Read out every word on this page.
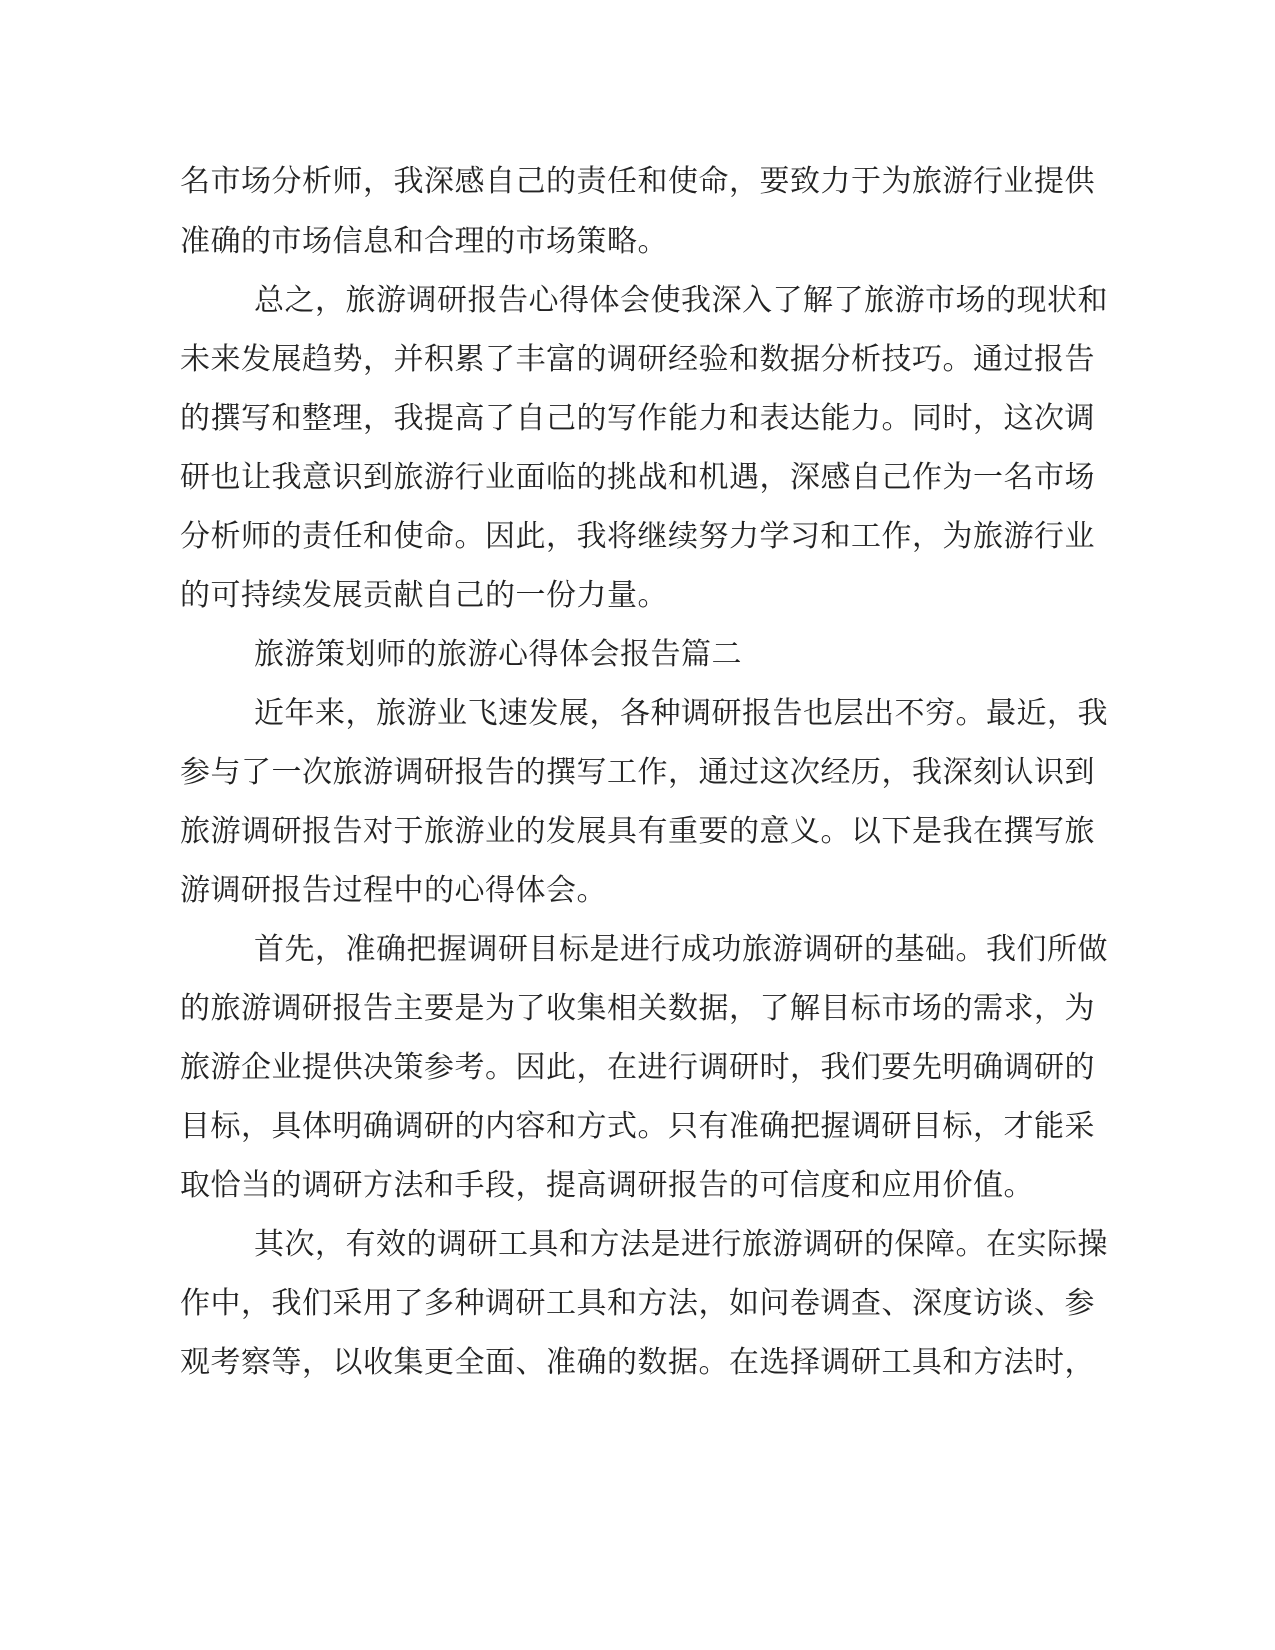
名市场分析师，我深感自己的责任和使命，要致力于为旅游行业提供
准确的市场信息和合理的市场策略。
总之，旅游调研报告心得体会使我深入了解了旅游市场的现状和
未来发展趋势，并积累了丰富的调研经验和数据分析技巧。通过报告
的撰写和整理，我提高了自己的写作能力和表达能力。同时，这次调
研也让我意识到旅游行业面临的挑战和机遇，深感自己作为一名市场
分析师的责任和使命。因此，我将继续努力学习和工作，为旅游行业
的可持续发展贡献自己的一份力量。
旅游策划师的旅游心得体会报告篇二
近年来，旅游业飞速发展，各种调研报告也层出不穷。最近，我
参与了一次旅游调研报告的撰写工作，通过这次经历，我深刻认识到
旅游调研报告对于旅游业的发展具有重要的意义。以下是我在撰写旅
游调研报告过程中的心得体会。
首先，准确把握调研目标是进行成功旅游调研的基础。我们所做
的旅游调研报告主要是为了收集相关数据，了解目标市场的需求，为
旅游企业提供决策参考。因此，在进行调研时，我们要先明确调研的
目标，具体明确调研的内容和方式。只有准确把握调研目标，才能采
取恰当的调研方法和手段，提高调研报告的可信度和应用价值。
其次，有效的调研工具和方法是进行旅游调研的保障。在实际操
作中，我们采用了多种调研工具和方法，如问卷调查、深度访谈、参
观考察等，以收集更全面、准确的数据。在选择调研工具和方法时，
